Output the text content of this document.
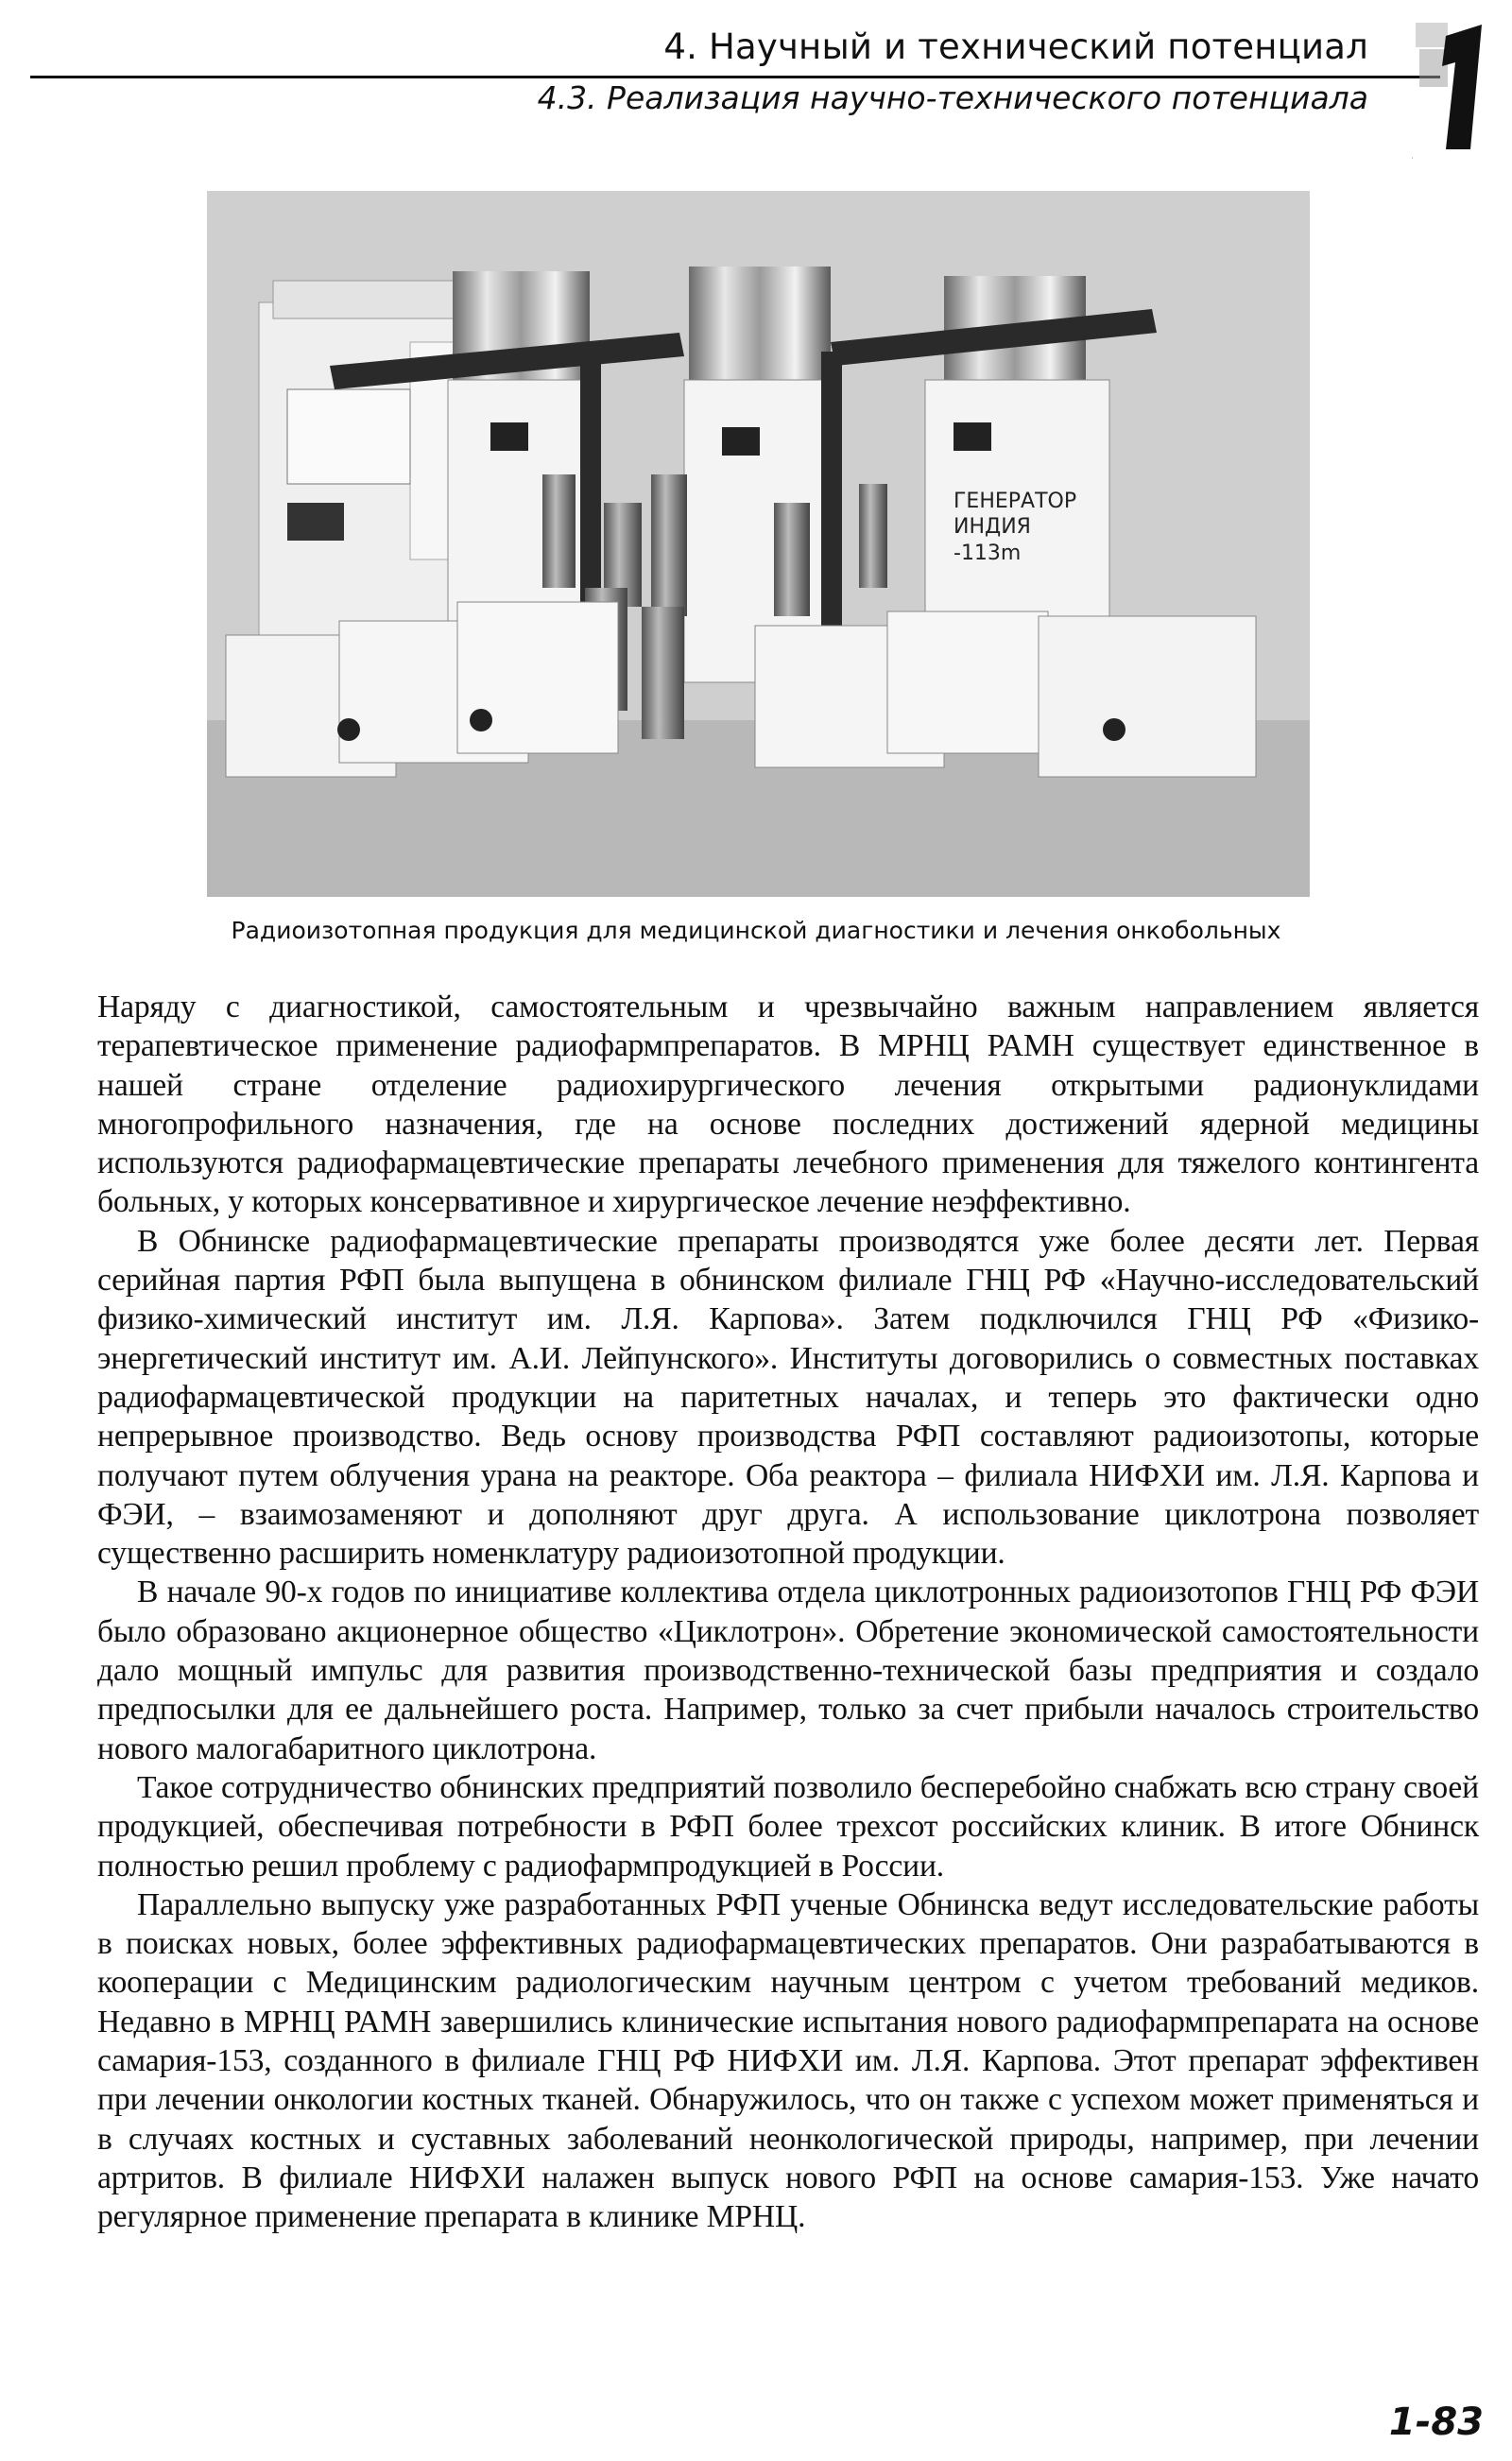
4. Научный и технический потенциал
4.3. Реализация научно-технического потенциала
1
ГЕНЕРАТОР
ИНДИЯ
-113m
Радиоизотопная продукция для медицинской диагностики и лечения онкобольных

Наряду с диагностикой, самостоятельным и чрезвычайно важным направлением является терапевтическое применение радиофармпрепаратов. В МРНЦ РАМН существует единственное в нашей стране отделение радиохирургического лечения открытыми радионуклидами многопрофильного назначения, где на основе последних достижений ядерной медицины используются радиофармацевтические препараты лечебного применения для тяжелого контингента больных, у которых консервативное и хирургическое лечение неэффективно.

В Обнинске радиофармацевтические препараты производятся уже более десяти лет. Первая серийная партия РФП была выпущена в обнинском филиале ГНЦ РФ «Научно-исследовательский физико-химический институт им. Л.Я. Карпова». Затем подключился ГНЦ РФ «Физико-энергетический институт им. А.И. Лейпунского». Институты договорились о совместных поставках радиофармацевтической продукции на паритетных началах, и теперь это фактически одно непрерывное производство. Ведь основу производства РФП составляют радиоизотопы, которые получают путем облучения урана на реакторе. Оба реактора – филиала НИФХИ им. Л.Я. Карпова и ФЭИ, – взаимозаменяют и дополняют друг друга. А использование циклотрона позволяет существенно расширить номенклатуру радиоизотопной продукции.

В начале 90-х годов по инициативе коллектива отдела циклотронных радиоизотопов ГНЦ РФ ФЭИ было образовано акционерное общество «Циклотрон». Обретение экономической самостоятельности дало мощный импульс для развития производственно-технической базы предприятия и создало предпосылки для ее дальнейшего роста. Например, только за счет прибыли началось строительство нового малогабаритного циклотрона.

Такое сотрудничество обнинских предприятий позволило бесперебойно снабжать всю страну своей продукцией, обеспечивая потребности в РФП более трехсот российских клиник. В итоге Обнинск полностью решил проблему с радиофармпродукцией в России.

Параллельно выпуску уже разработанных РФП ученые Обнинска ведут исследовательские работы в поисках новых, более эффективных радиофармацевтических препаратов. Они разрабатываются в кооперации с Медицинским радиологическим научным центром с учетом требований медиков. Недавно в МРНЦ РАМН завершились клинические испытания нового радиофармпрепарата на основе самария-153, созданного в филиале ГНЦ РФ НИФХИ им. Л.Я. Карпова. Этот препарат эффективен при лечении онкологии костных тканей. Обнаружилось, что он также с успехом может применяться и в случаях костных и суставных заболеваний неонкологической природы, например, при лечении артритов. В филиале НИФХИ налажен выпуск нового РФП на основе самария-153. Уже начато регулярное применение препарата в клинике МРНЦ.

1-83
